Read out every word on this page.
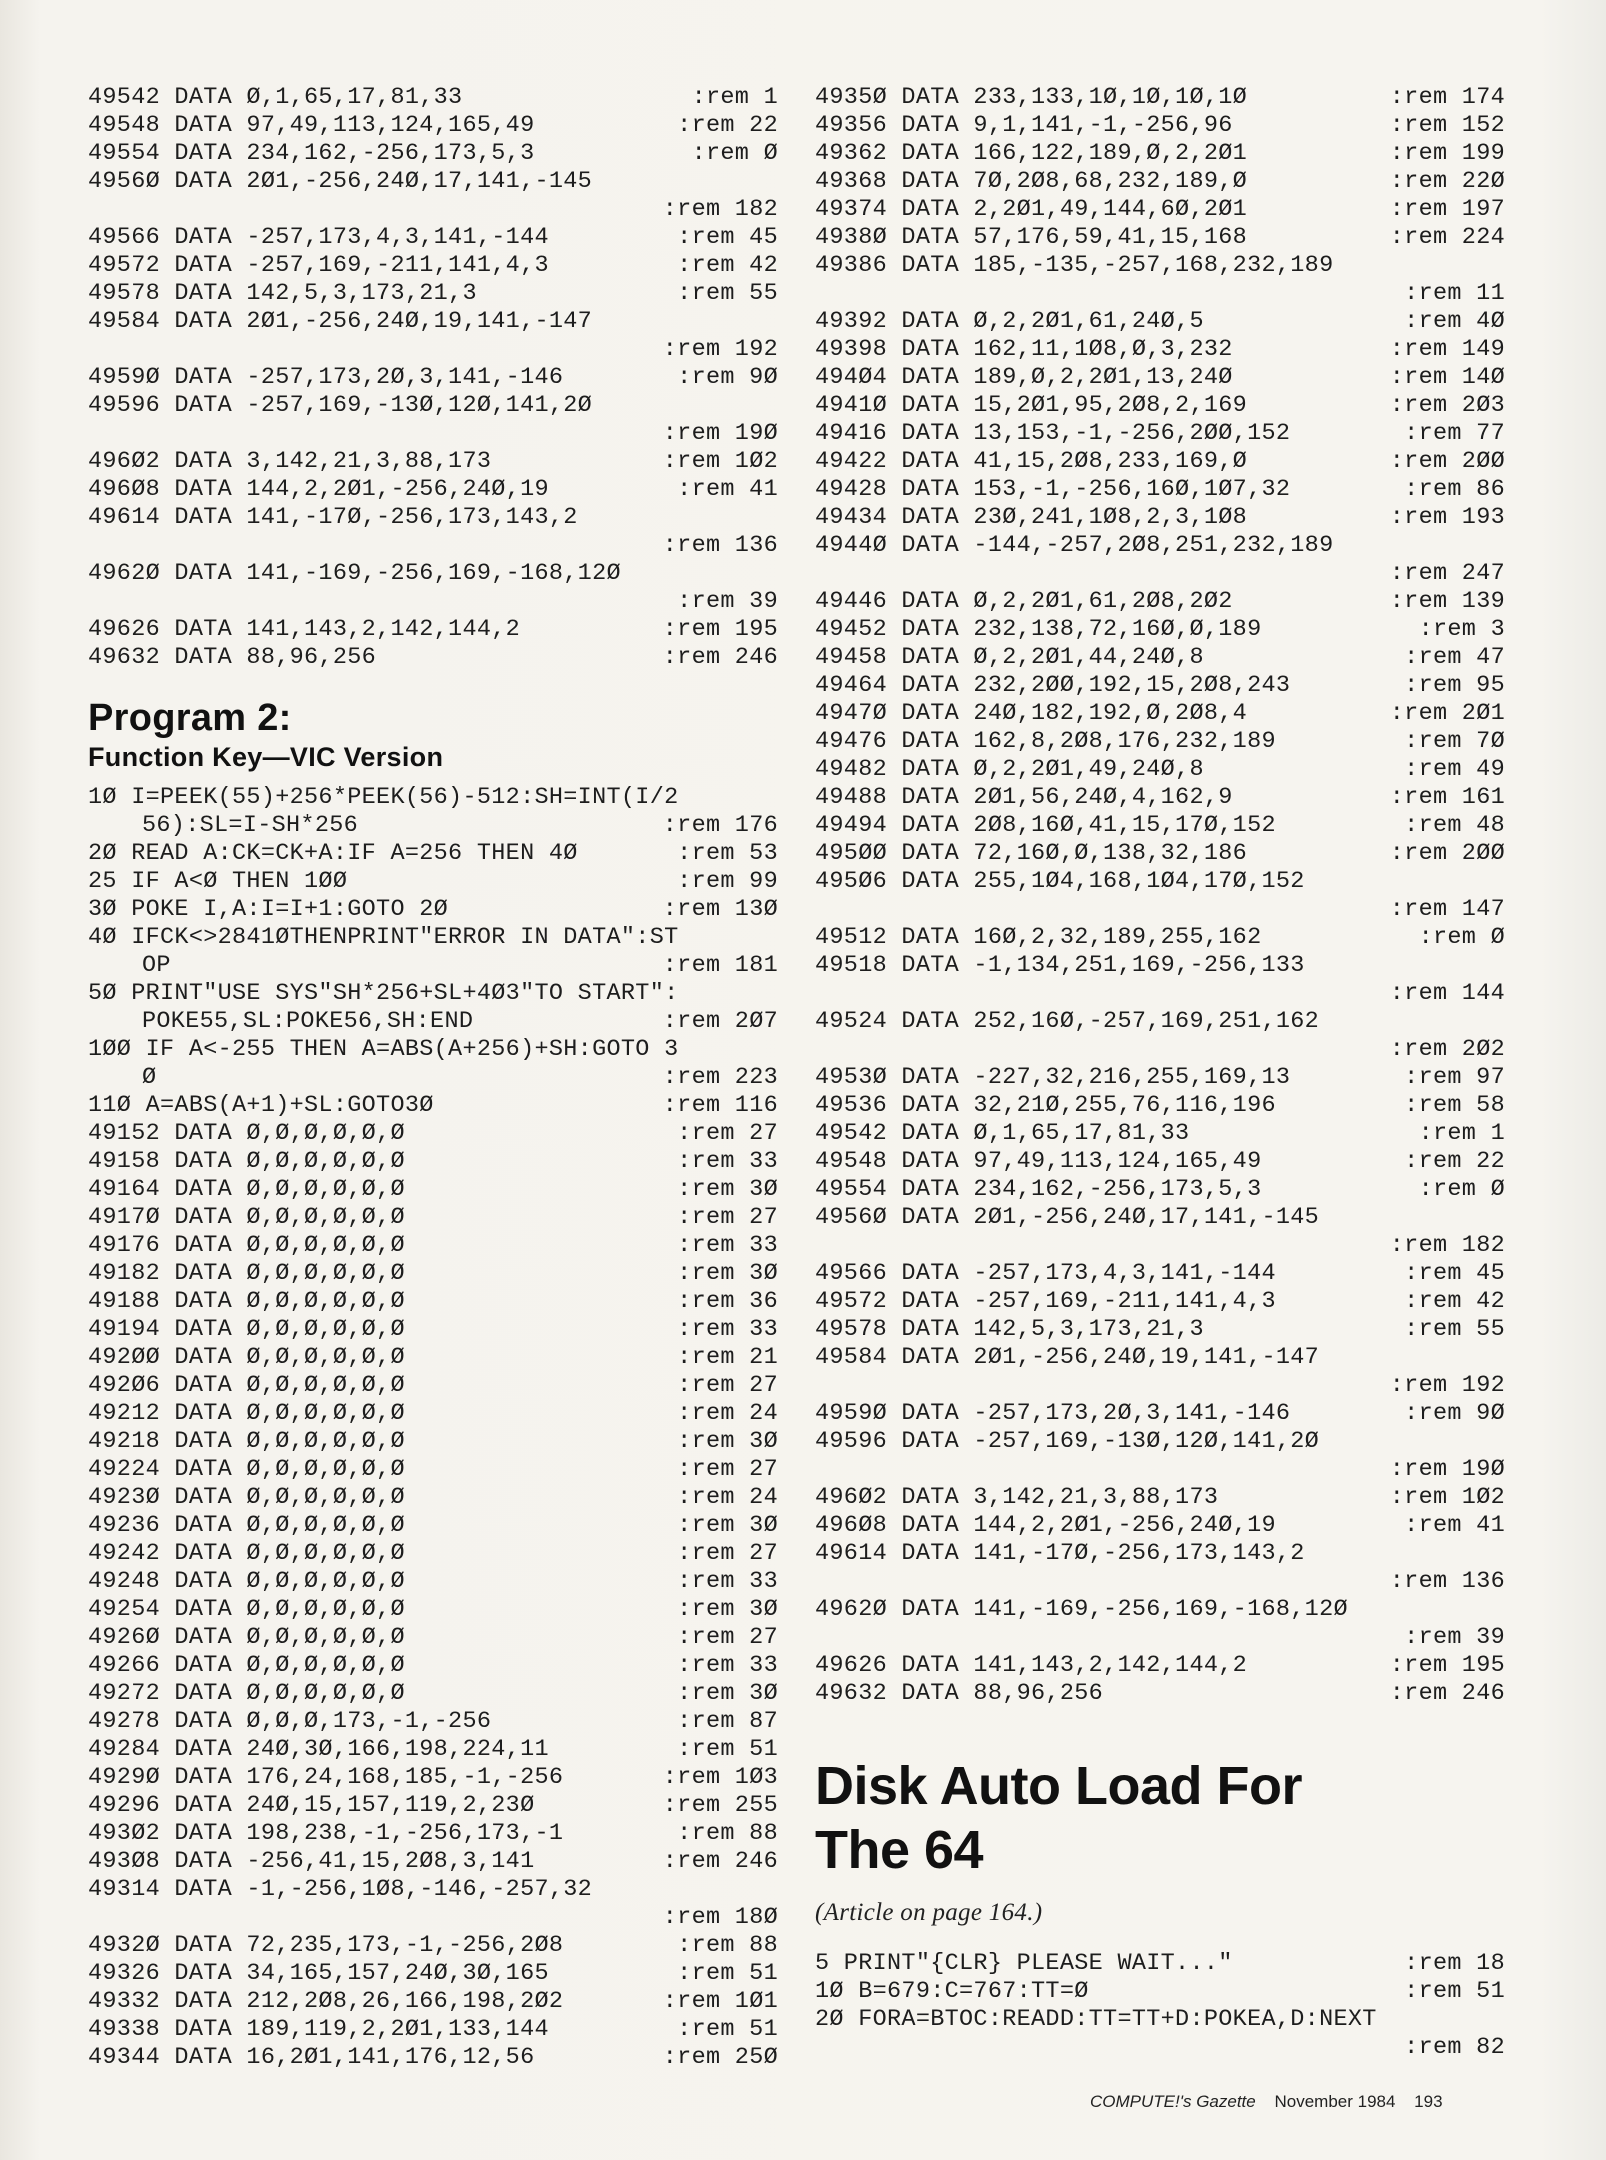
49542 DATA Ø,1,65,17,81,33	:rem 1
49548 DATA 97,49,113,124,165,49	:rem 22
49554 DATA 234,162,-256,173,5,3	:rem Ø
4956Ø DATA 2Ø1,-256,24Ø,17,141,-145
:rem 182
49566 DATA -257,173,4,3,141,-144	:rem 45
49572 DATA -257,169,-211,141,4,3	:rem 42
49578 DATA 142,5,3,173,21,3	:rem 55
49584 DATA 2Ø1,-256,24Ø,19,141,-147
:rem 192
4959Ø DATA -257,173,2Ø,3,141,-146	:rem 9Ø
49596 DATA -257,169,-13Ø,12Ø,141,2Ø
:rem 19Ø
496Ø2 DATA 3,142,21,3,88,173	:rem 1Ø2
496Ø8 DATA 144,2,2Ø1,-256,24Ø,19	:rem 41
49614 DATA 141,-17Ø,-256,173,143,2
:rem 136
4962Ø DATA 141,-169,-256,169,-168,12Ø
:rem 39
49626 DATA 141,143,2,142,144,2	:rem 195
49632 DATA 88,96,256	:rem 246
Program 2:
Function Key—VIC Version
1Ø I=PEEK(55)+256*PEEK(56)-512:SH=INT(I/2
56):SL=I-SH*256	:rem 176
2Ø READ A:CK=CK+A:IF A=256 THEN 4Ø	:rem 53
25 IF A<Ø THEN 1ØØ	:rem 99
3Ø POKE I,A:I=I+1:GOTO 2Ø	:rem 13Ø
4Ø IFCK<>2841ØTHENPRINT"ERROR IN DATA":ST
OP	:rem 181
5Ø PRINT"USE SYS"SH*256+SL+4Ø3"TO START":
POKE55,SL:POKE56,SH:END	:rem 2Ø7
1ØØ IF A<-255 THEN A=ABS(A+256)+SH:GOTO 3
Ø	:rem 223
11Ø A=ABS(A+1)+SL:GOTO3Ø	:rem 116
49152 DATA Ø,Ø,Ø,Ø,Ø,Ø	:rem 27
49158 DATA Ø,Ø,Ø,Ø,Ø,Ø	:rem 33
49164 DATA Ø,Ø,Ø,Ø,Ø,Ø	:rem 3Ø
4917Ø DATA Ø,Ø,Ø,Ø,Ø,Ø	:rem 27
49176 DATA Ø,Ø,Ø,Ø,Ø,Ø	:rem 33
49182 DATA Ø,Ø,Ø,Ø,Ø,Ø	:rem 3Ø
49188 DATA Ø,Ø,Ø,Ø,Ø,Ø	:rem 36
49194 DATA Ø,Ø,Ø,Ø,Ø,Ø	:rem 33
492ØØ DATA Ø,Ø,Ø,Ø,Ø,Ø	:rem 21
492Ø6 DATA Ø,Ø,Ø,Ø,Ø,Ø	:rem 27
49212 DATA Ø,Ø,Ø,Ø,Ø,Ø	:rem 24
49218 DATA Ø,Ø,Ø,Ø,Ø,Ø	:rem 3Ø
49224 DATA Ø,Ø,Ø,Ø,Ø,Ø	:rem 27
4923Ø DATA Ø,Ø,Ø,Ø,Ø,Ø	:rem 24
49236 DATA Ø,Ø,Ø,Ø,Ø,Ø	:rem 3Ø
49242 DATA Ø,Ø,Ø,Ø,Ø,Ø	:rem 27
49248 DATA Ø,Ø,Ø,Ø,Ø,Ø	:rem 33
49254 DATA Ø,Ø,Ø,Ø,Ø,Ø	:rem 3Ø
4926Ø DATA Ø,Ø,Ø,Ø,Ø,Ø	:rem 27
49266 DATA Ø,Ø,Ø,Ø,Ø,Ø	:rem 33
49272 DATA Ø,Ø,Ø,Ø,Ø,Ø	:rem 3Ø
49278 DATA Ø,Ø,Ø,173,-1,-256	:rem 87
49284 DATA 24Ø,3Ø,166,198,224,11	:rem 51
4929Ø DATA 176,24,168,185,-1,-256	:rem 1Ø3
49296 DATA 24Ø,15,157,119,2,23Ø	:rem 255
493Ø2 DATA 198,238,-1,-256,173,-1	:rem 88
493Ø8 DATA -256,41,15,2Ø8,3,141	:rem 246
49314 DATA -1,-256,1Ø8,-146,-257,32
:rem 18Ø
4932Ø DATA 72,235,173,-1,-256,2Ø8	:rem 88
49326 DATA 34,165,157,24Ø,3Ø,165	:rem 51
49332 DATA 212,2Ø8,26,166,198,2Ø2	:rem 1Ø1
49338 DATA 189,119,2,2Ø1,133,144	:rem 51
49344 DATA 16,2Ø1,141,176,12,56	:rem 25Ø
4935Ø DATA 233,133,1Ø,1Ø,1Ø,1Ø	:rem 174
49356 DATA 9,1,141,-1,-256,96	:rem 152
49362 DATA 166,122,189,Ø,2,2Ø1	:rem 199
49368 DATA 7Ø,2Ø8,68,232,189,Ø	:rem 22Ø
49374 DATA 2,2Ø1,49,144,6Ø,2Ø1	:rem 197
4938Ø DATA 57,176,59,41,15,168	:rem 224
49386 DATA 185,-135,-257,168,232,189
:rem 11
49392 DATA Ø,2,2Ø1,61,24Ø,5	:rem 4Ø
49398 DATA 162,11,1Ø8,Ø,3,232	:rem 149
494Ø4 DATA 189,Ø,2,2Ø1,13,24Ø	:rem 14Ø
4941Ø DATA 15,2Ø1,95,2Ø8,2,169	:rem 2Ø3
49416 DATA 13,153,-1,-256,2ØØ,152	:rem 77
49422 DATA 41,15,2Ø8,233,169,Ø	:rem 2ØØ
49428 DATA 153,-1,-256,16Ø,1Ø7,32	:rem 86
49434 DATA 23Ø,241,1Ø8,2,3,1Ø8	:rem 193
4944Ø DATA -144,-257,2Ø8,251,232,189
:rem 247
49446 DATA Ø,2,2Ø1,61,2Ø8,2Ø2	:rem 139
49452 DATA 232,138,72,16Ø,Ø,189	:rem 3
49458 DATA Ø,2,2Ø1,44,24Ø,8	:rem 47
49464 DATA 232,2ØØ,192,15,2Ø8,243	:rem 95
4947Ø DATA 24Ø,182,192,Ø,2Ø8,4	:rem 2Ø1
49476 DATA 162,8,2Ø8,176,232,189	:rem 7Ø
49482 DATA Ø,2,2Ø1,49,24Ø,8	:rem 49
49488 DATA 2Ø1,56,24Ø,4,162,9	:rem 161
49494 DATA 2Ø8,16Ø,41,15,17Ø,152	:rem 48
495ØØ DATA 72,16Ø,Ø,138,32,186	:rem 2ØØ
495Ø6 DATA 255,1Ø4,168,1Ø4,17Ø,152
:rem 147
49512 DATA 16Ø,2,32,189,255,162	:rem Ø
49518 DATA -1,134,251,169,-256,133
:rem 144
49524 DATA 252,16Ø,-257,169,251,162
:rem 2Ø2
4953Ø DATA -227,32,216,255,169,13	:rem 97
49536 DATA 32,21Ø,255,76,116,196	:rem 58
49542 DATA Ø,1,65,17,81,33	:rem 1
49548 DATA 97,49,113,124,165,49	:rem 22
49554 DATA 234,162,-256,173,5,3	:rem Ø
4956Ø DATA 2Ø1,-256,24Ø,17,141,-145
:rem 182
49566 DATA -257,173,4,3,141,-144	:rem 45
49572 DATA -257,169,-211,141,4,3	:rem 42
49578 DATA 142,5,3,173,21,3	:rem 55
49584 DATA 2Ø1,-256,24Ø,19,141,-147
:rem 192
4959Ø DATA -257,173,2Ø,3,141,-146	:rem 9Ø
49596 DATA -257,169,-13Ø,12Ø,141,2Ø
:rem 19Ø
496Ø2 DATA 3,142,21,3,88,173	:rem 1Ø2
496Ø8 DATA 144,2,2Ø1,-256,24Ø,19	:rem 41
49614 DATA 141,-17Ø,-256,173,143,2
:rem 136
4962Ø DATA 141,-169,-256,169,-168,12Ø
:rem 39
49626 DATA 141,143,2,142,144,2	:rem 195
49632 DATA 88,96,256	:rem 246
Disk Auto Load For
The 64
(Article on page 164.)
5 PRINT"{CLR} PLEASE WAIT..."	:rem 18
1Ø B=679:C=767:TT=Ø	:rem 51
2Ø FORA=BTOC:READD:TT=TT+D:POKEA,D:NEXT
:rem 82
COMPUTE!'s Gazette November 1984 193
